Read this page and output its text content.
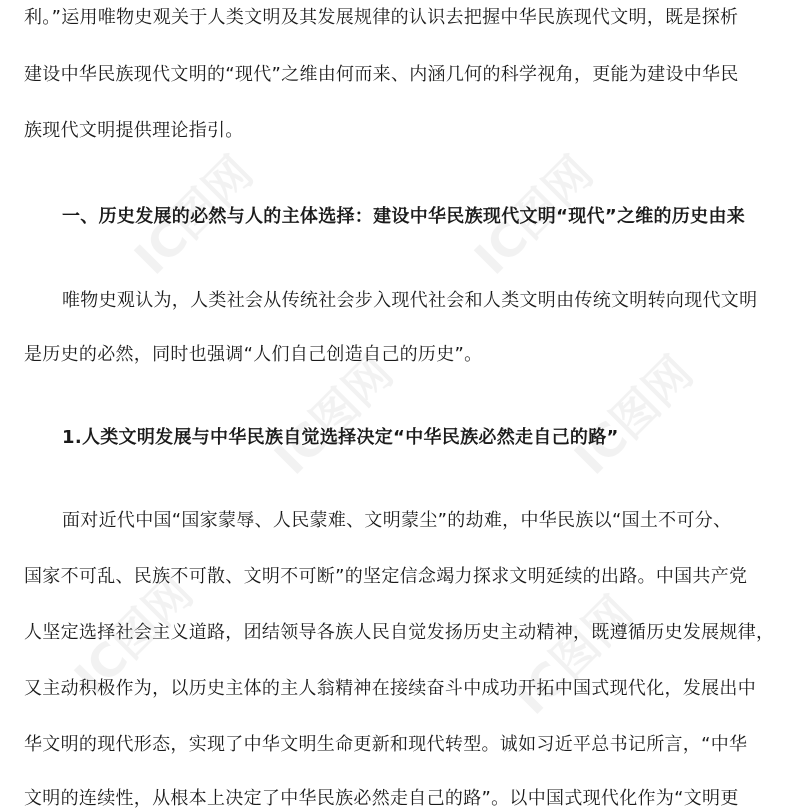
IC图网	IC图网
IC图网	IC图网
IC图网	IC图网
利。”运用唯物史观关于人类文明及其发展规律的认识去把握中华民族现代文明，既是探析
建设中华民族现代文明的“现代”之维由何而来、内涵几何的科学视角，更能为建设中华民
族现代文明提供理论指引。
一、历史发展的必然与人的主体选择：建设中华民族现代文明“现代”之维的历史由来
唯物史观认为，人类社会从传统社会步入现代社会和人类文明由传统文明转向现代文明
是历史的必然，同时也强调“人们自己创造自己的历史”。
1.人类文明发展与中华民族自觉选择决定“中华民族必然走自己的路”
面对近代中国“国家蒙辱、人民蒙难、文明蒙尘”的劫难，中华民族以“国土不可分、
国家不可乱、民族不可散、文明不可断”的坚定信念竭力探求文明延续的出路。中国共产党
人坚定选择社会主义道路，团结领导各族人民自觉发扬历史主动精神，既遵循历史发展规律，
又主动积极作为，以历史主体的主人翁精神在接续奋斗中成功开拓中国式现代化，发展出中
华文明的现代形态，实现了中华文明生命更新和现代转型。诚如习近平总书记所言，“中华
文明的连续性，从根本上决定了中华民族必然走自己的路”。以中国式现代化作为“文明更
